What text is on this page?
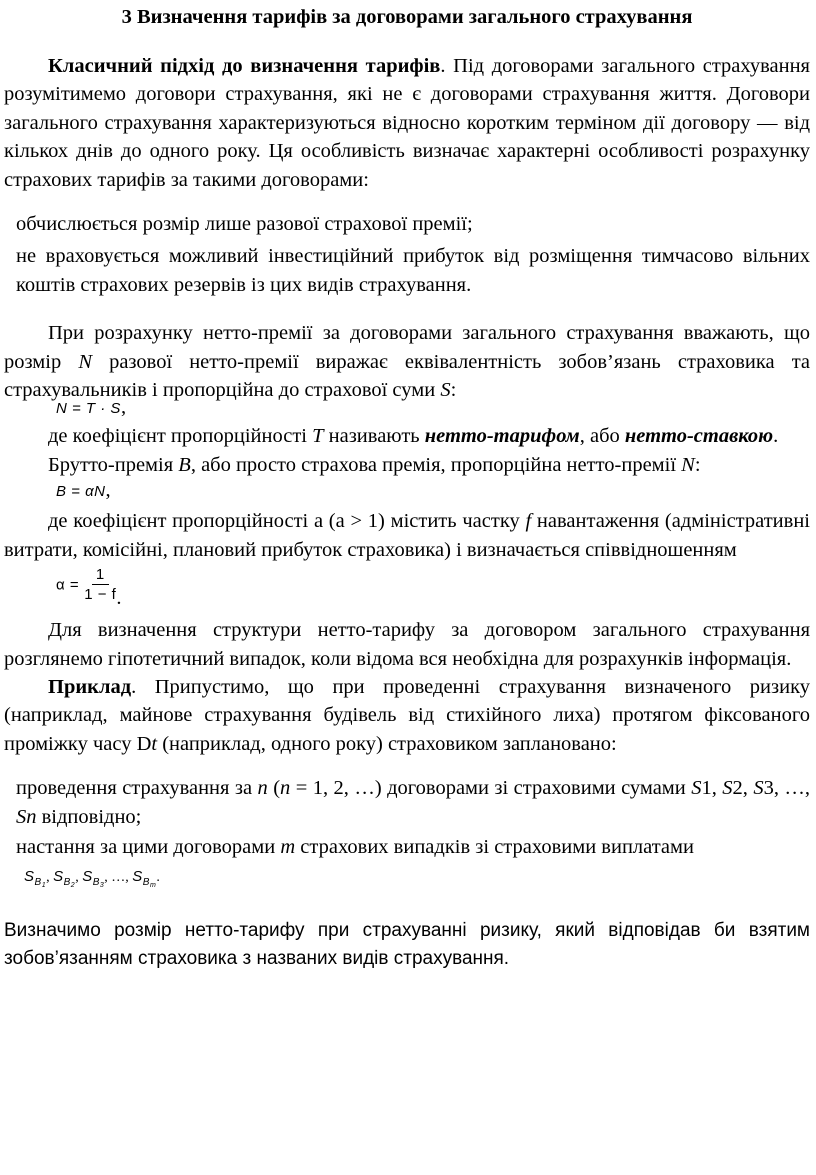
3 Визначення тарифів за договорами загального страхування

Класичний підхід до визначення тарифів. Під договорами загального страхування розумітимемо договори страхування, які не є договорами страхування життя. Договори загального страхування характеризуються відносно коротким терміном дії договору — від кількох днів до одного року. Ця особливість визначає характерні особливості розрахунку страхових тарифів за такими договорами:

обчислюється розмір лише разової страхової премії;

не враховується можливий інвестиційний прибуток від розміщення тимчасово вільних коштів страхових резервів із цих видів страхування.

При розрахунку нетто-премії за договорами загального страхування вважають, що розмір N разової нетто-премії виражає еквівалентність зобов’язань страховика та страхувальників і пропорційна до страхової суми S:

N = T · S,

де коефіцієнт пропорційності T називають нетто-тарифом, або нетто-ставкою.

Брутто-премія B, або просто страхова премія, пропорційна нетто-премії N:

B = αN,

де коефіцієнт пропорційності а (а > 1) містить частку f навантаження (адміністративні витрати, комісійні, плановий прибуток страховика) і визначається співвідношенням

$\alpha = \frac{1}{1 - f}$ .

Для визначення структури нетто-тарифу за договором загального страхування розглянемо гіпотетичний випадок, коли відома вся необхідна для розрахунків інформація.

Приклад. Припустимо, що при проведенні страхування визначеного ризику (наприклад, майнове страхування будівель від стихійного лиха) протягом фіксованого проміжку часу Dt (наприклад, одного року) страховиком заплановано:

проведення страхування за n (n = 1, 2, …) договорами зі страховими сумами S1, S2, S3, …, Sn відповідно;

настання за цими договорами m страхових випадків зі страховими виплатами

$S_{B_1}$, $S_{B_2}$, $S_{B_3}$, …, $S_{B_m}$.

Визначимо розмір нетто-тарифу при страхуванні ризику, який відповідав би взятим зобов’язанням страховика з названих видів страхування.
